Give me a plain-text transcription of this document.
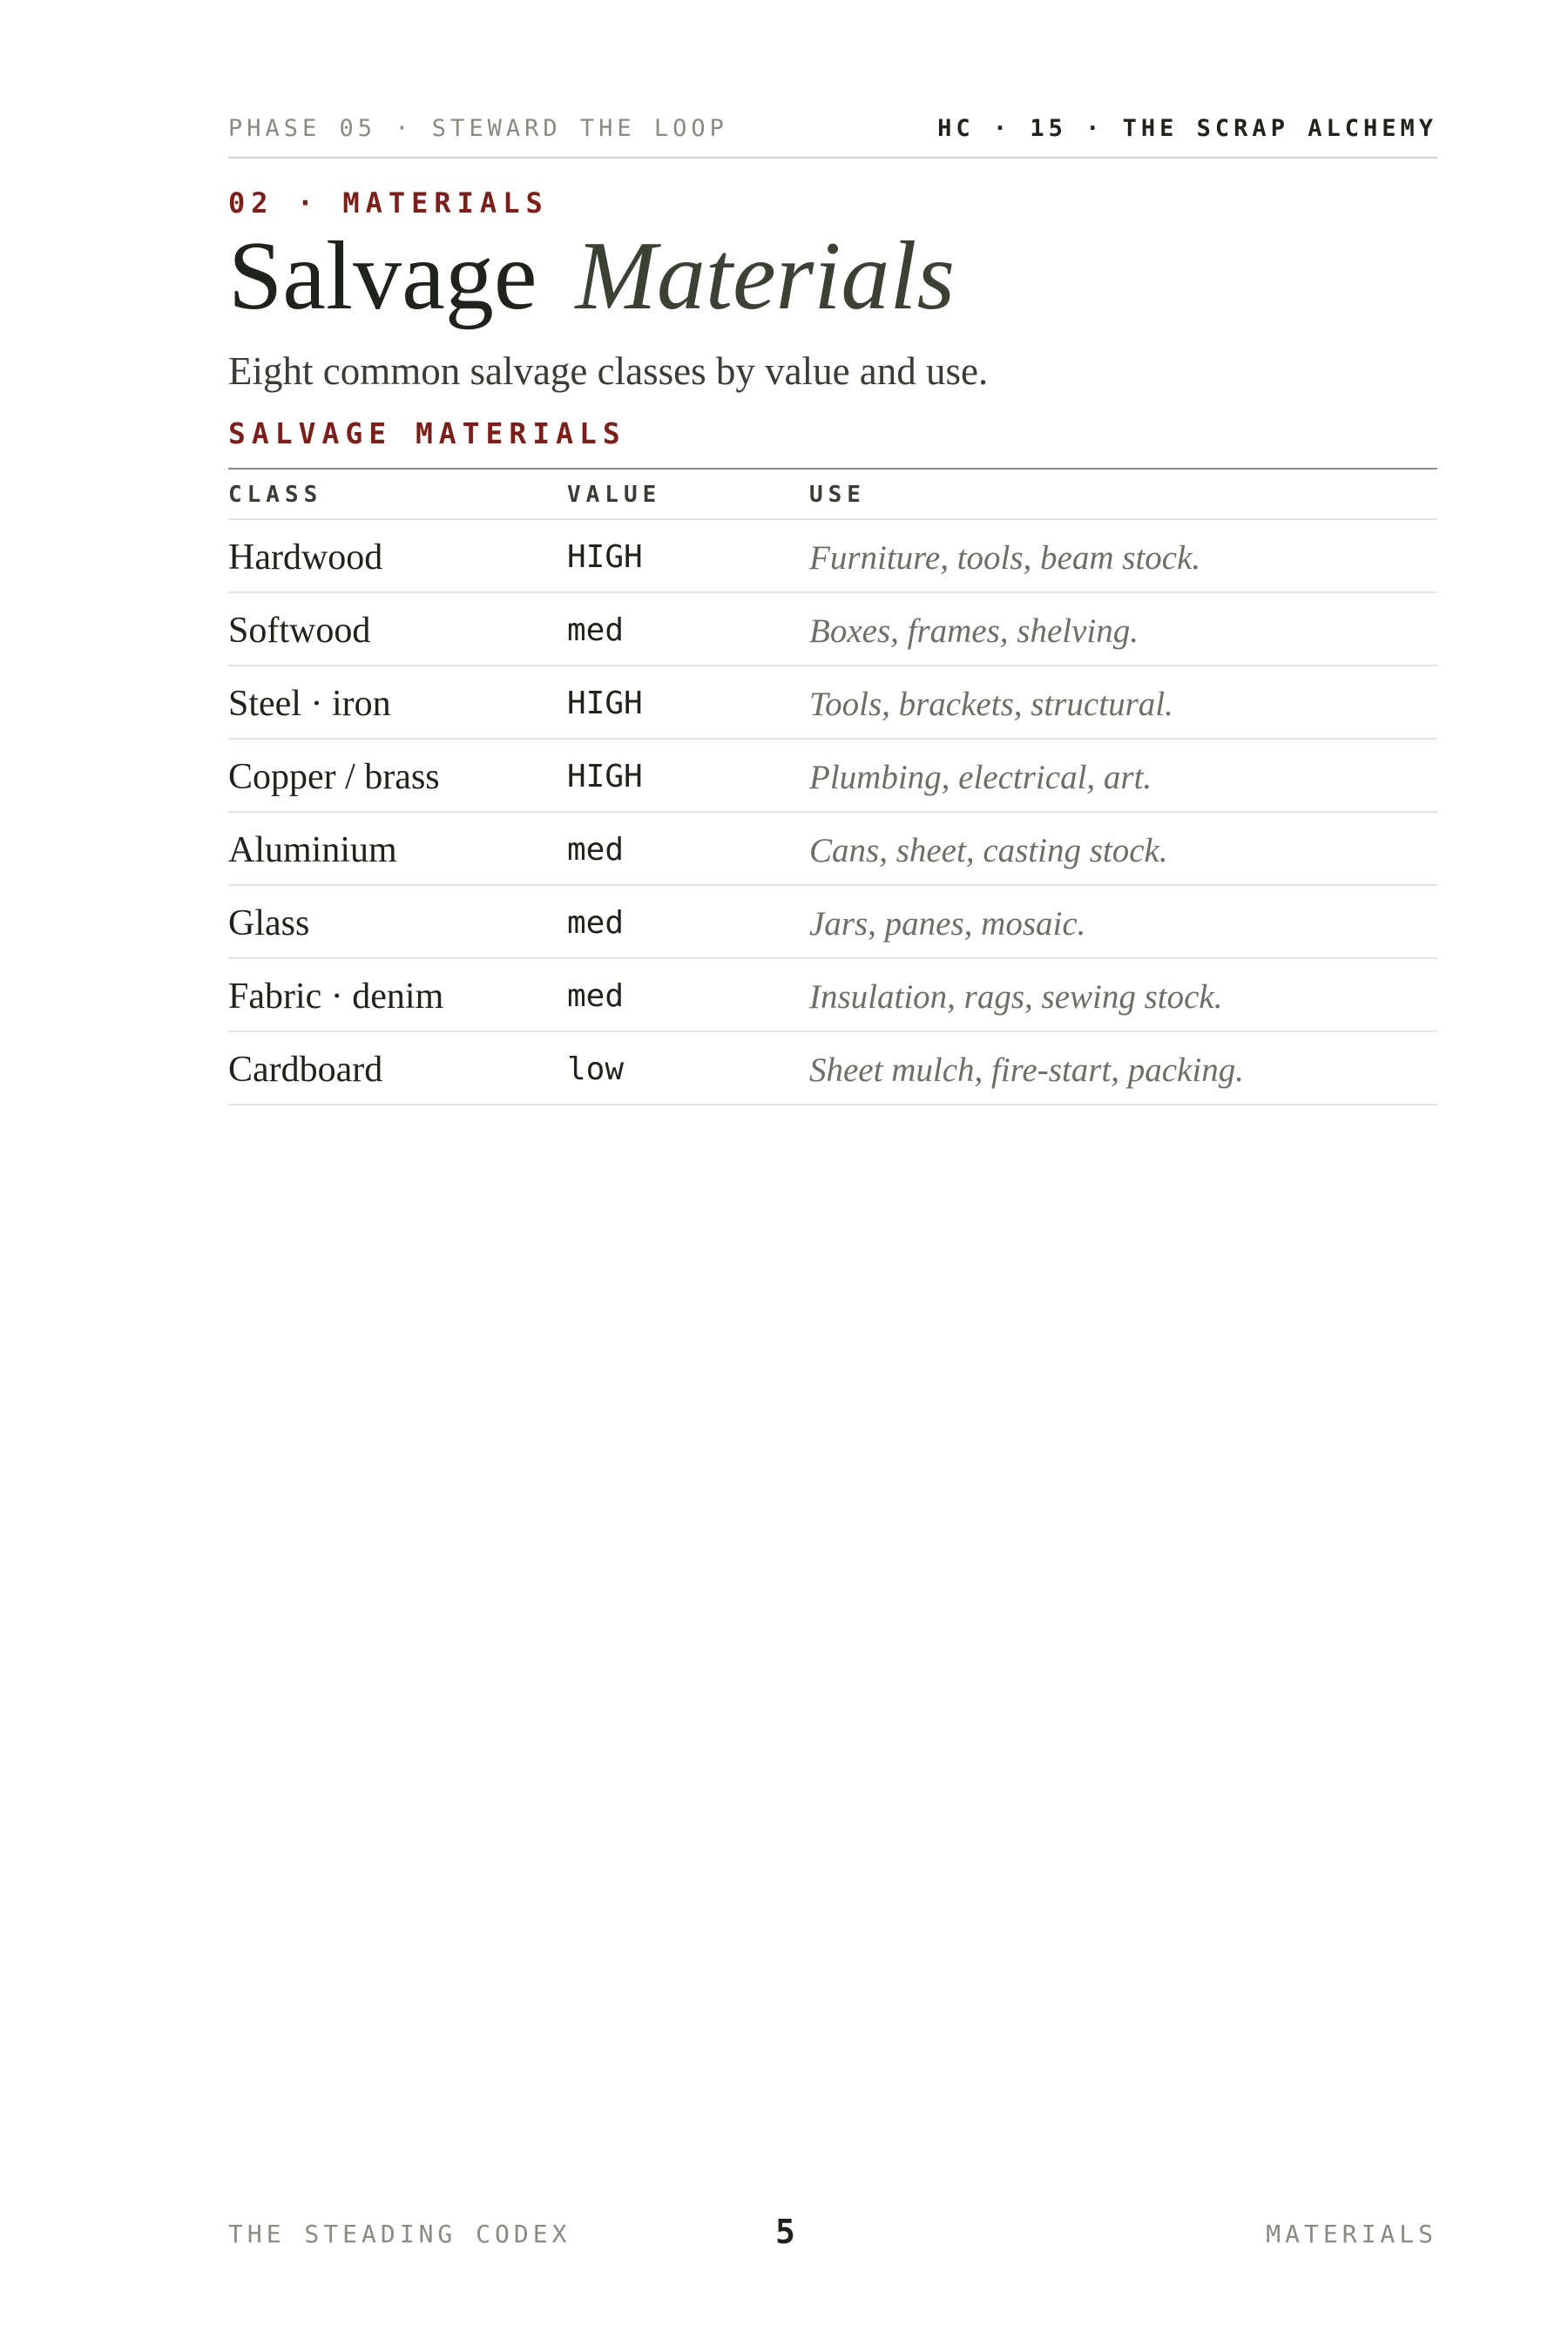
PHASE 05 · STEWARD THE LOOP	HC · 15 · THE SCRAP ALCHEMY
02 · MATERIALS
Salvage Materials
Eight common salvage classes by value and use.
SALVAGE MATERIALS
CLASS	VALUE	USE
Hardwood	HIGH	Furniture, tools, beam stock.
Softwood	med	Boxes, frames, shelving.
Steel · iron	HIGH	Tools, brackets, structural.
Copper / brass	HIGH	Plumbing, electrical, art.
Aluminium	med	Cans, sheet, casting stock.
Glass	med	Jars, panes, mosaic.
Fabric · denim	med	Insulation, rags, sewing stock.
Cardboard	low	Sheet mulch, fire-start, packing.
THE STEADING CODEX	5	MATERIALS
